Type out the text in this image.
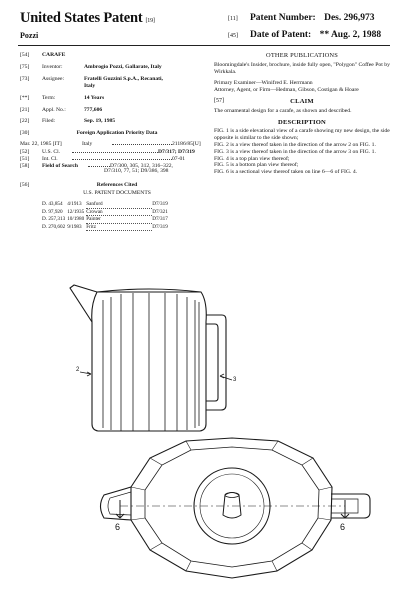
United States Patent [19]
Pozzi
[11] Patent Number: Des. 296,973
[45] Date of Patent: ** Aug. 2, 1988
[54] CARAFE
[75] Inventor:	Ambrogio Pozzi, Gallarate, Italy
[73] Assignee:	Fratelli Guzzini S.p.A., Recanati,
Italy
[**] Term:	14 Years
[21] Appl. No.:	777,606
[22] Filed:	Sep. 19, 1985
[30]	Foreign Application Priority Data
Mar. 22, 1985 [IT]	Italy	21186/85[U]
[52] U.S. Cl.	D7/317; D7/319
[51] Int. Cl.	07-01
[58] Field of Search	D7/300, 305, 312, 316–322,
D7/310, 77, 51; D9/386, 398
[56]	References Cited
U.S. PATENT DOCUMENTS
D. 43,854	4/1913	Sanford	D7/319
D. 97,920	12/1935	Crowan	D7/321
D. 257,313	10/1980	Painter	D7/317
D. 270,602	9/1983	Fritz	D7/319
OTHER PUBLICATIONS
Bloomingdale's Insider, brochure, inside fully open, "Polygon" Coffee Pot by Wirkkala.
Primary Examiner—Winifred E. Herrmann
Attorney, Agent, or Firm—Hedman, Gibson, Costigan & Hoare
[57]	CLAIM
The ornamental design for a carafe, as shown and described.
DESCRIPTION
FIG. 1 is a side elevational view of a carafe showing my new design, the side opposite is similar to the side shown;
FIG. 2 is a view thereof taken in the direction of the arrow 2 on FIG. 1.
FIG. 3 is a view thereof taken in the direction of the arrow 3 on FIG. 1.
FIG. 4 is a top plan view thereof;
FIG. 5 is a bottom plan view thereof;
FIG. 6 is a sectional view thereof taken on line 6—6 of FIG. 4.
2
3
6	6
